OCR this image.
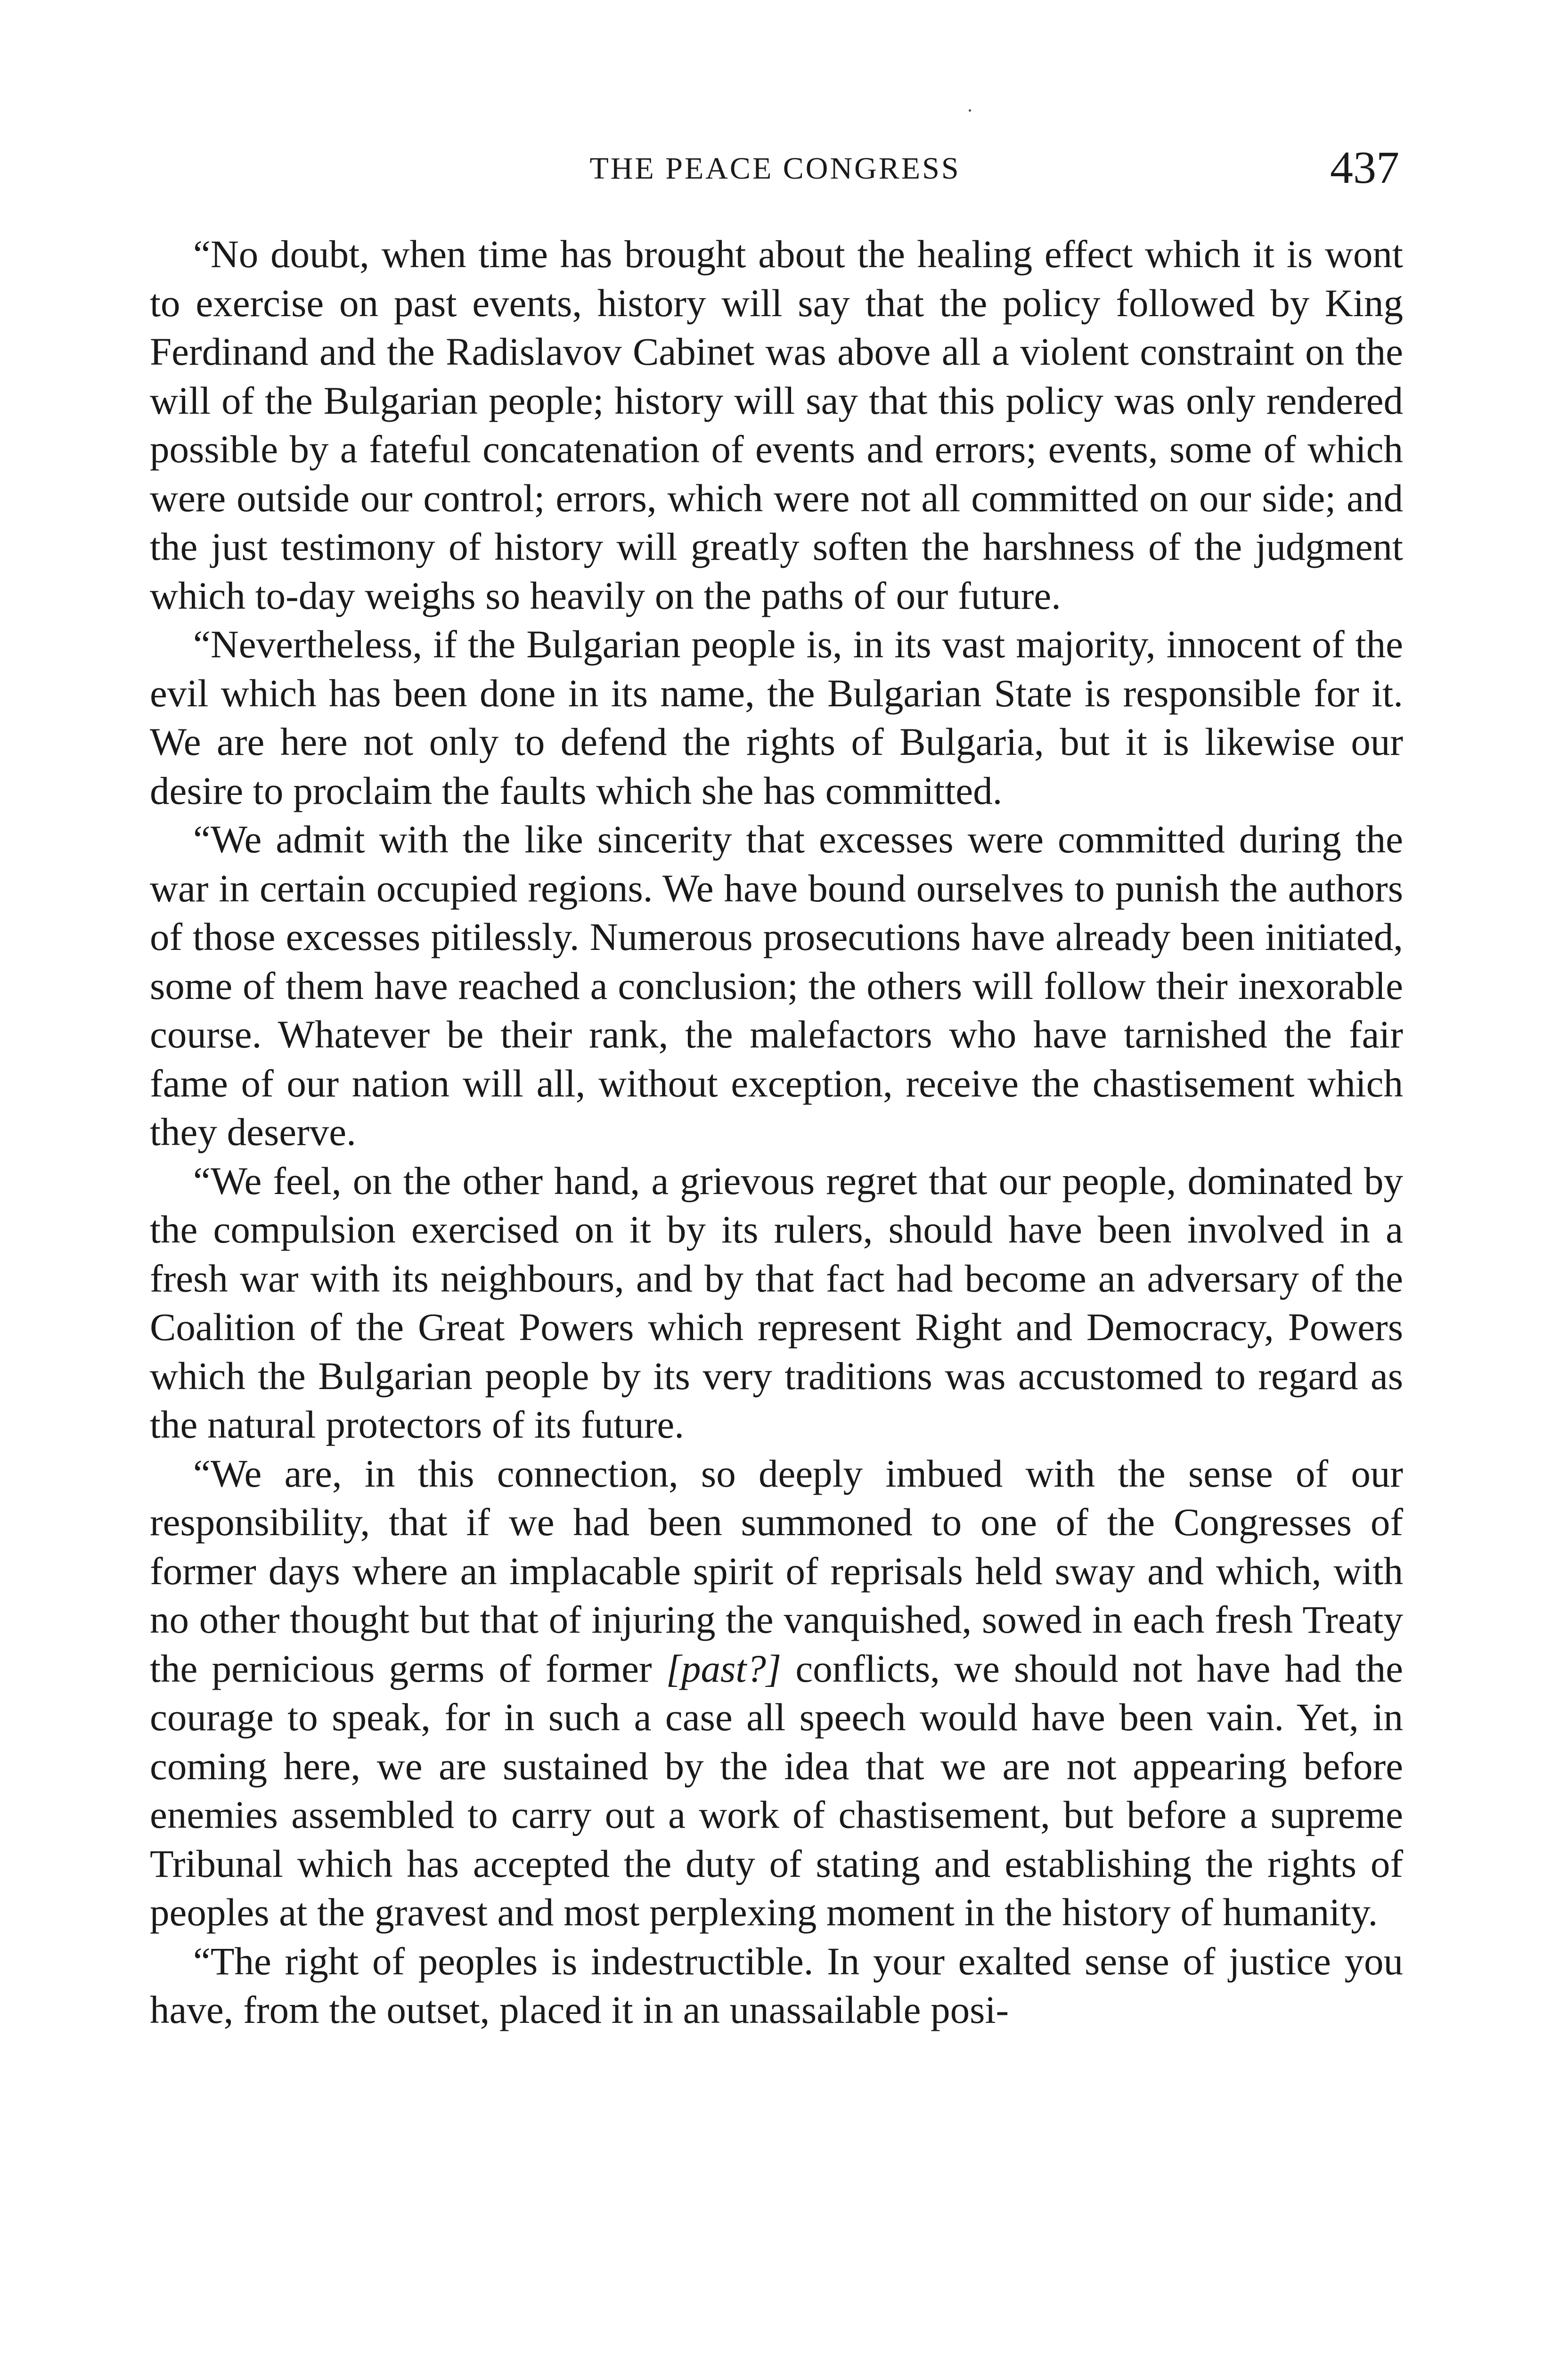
THE PEACE CONGRESS	437

“No doubt, when time has brought about the healing effect which it is wont to exercise on past events, history will say that the policy followed by King Ferdinand and the Radislavov Cabinet was above all a violent constraint on the will of the Bulgarian people; history will say that this policy was only rendered possible by a fateful concatenation of events and errors; events, some of which were outside our control; errors, which were not all committed on our side; and the just testimony of history will greatly soften the harshness of the judgment which to-day weighs so heavily on the paths of our future.

“Nevertheless, if the Bulgarian people is, in its vast majority, innocent of the evil which has been done in its name, the Bulgarian State is responsible for it. We are here not only to defend the rights of Bulgaria, but it is likewise our desire to proclaim the faults which she has committed.

“We admit with the like sincerity that excesses were committed during the war in certain occupied regions. We have bound ourselves to punish the authors of those excesses pitilessly. Numerous prosecutions have already been initiated, some of them have reached a conclusion; the others will follow their inexorable course. Whatever be their rank, the malefactors who have tarnished the fair fame of our nation will all, without exception, receive the chastisement which they deserve.

“We feel, on the other hand, a grievous regret that our people, dominated by the compulsion exercised on it by its rulers, should have been involved in a fresh war with its neighbours, and by that fact had become an adversary of the Coalition of the Great Powers which represent Right and Democracy, Powers which the Bulgarian people by its very traditions was accustomed to regard as the natural protectors of its future.

“We are, in this connection, so deeply imbued with the sense of our responsibility, that if we had been summoned to one of the Congresses of former days where an implacable spirit of reprisals held sway and which, with no other thought but that of injuring the vanquished, sowed in each fresh Treaty the pernicious germs of former [past?] conflicts, we should not have had the courage to speak, for in such a case all speech would have been vain. Yet, in coming here, we are sustained by the idea that we are not appearing before enemies assembled to carry out a work of chastisement, but before a supreme Tribunal which has accepted the duty of stating and establishing the rights of peoples at the gravest and most perplexing moment in the history of humanity.

“The right of peoples is indestructible. In your exalted sense of justice you have, from the outset, placed it in an unassailable posi-
